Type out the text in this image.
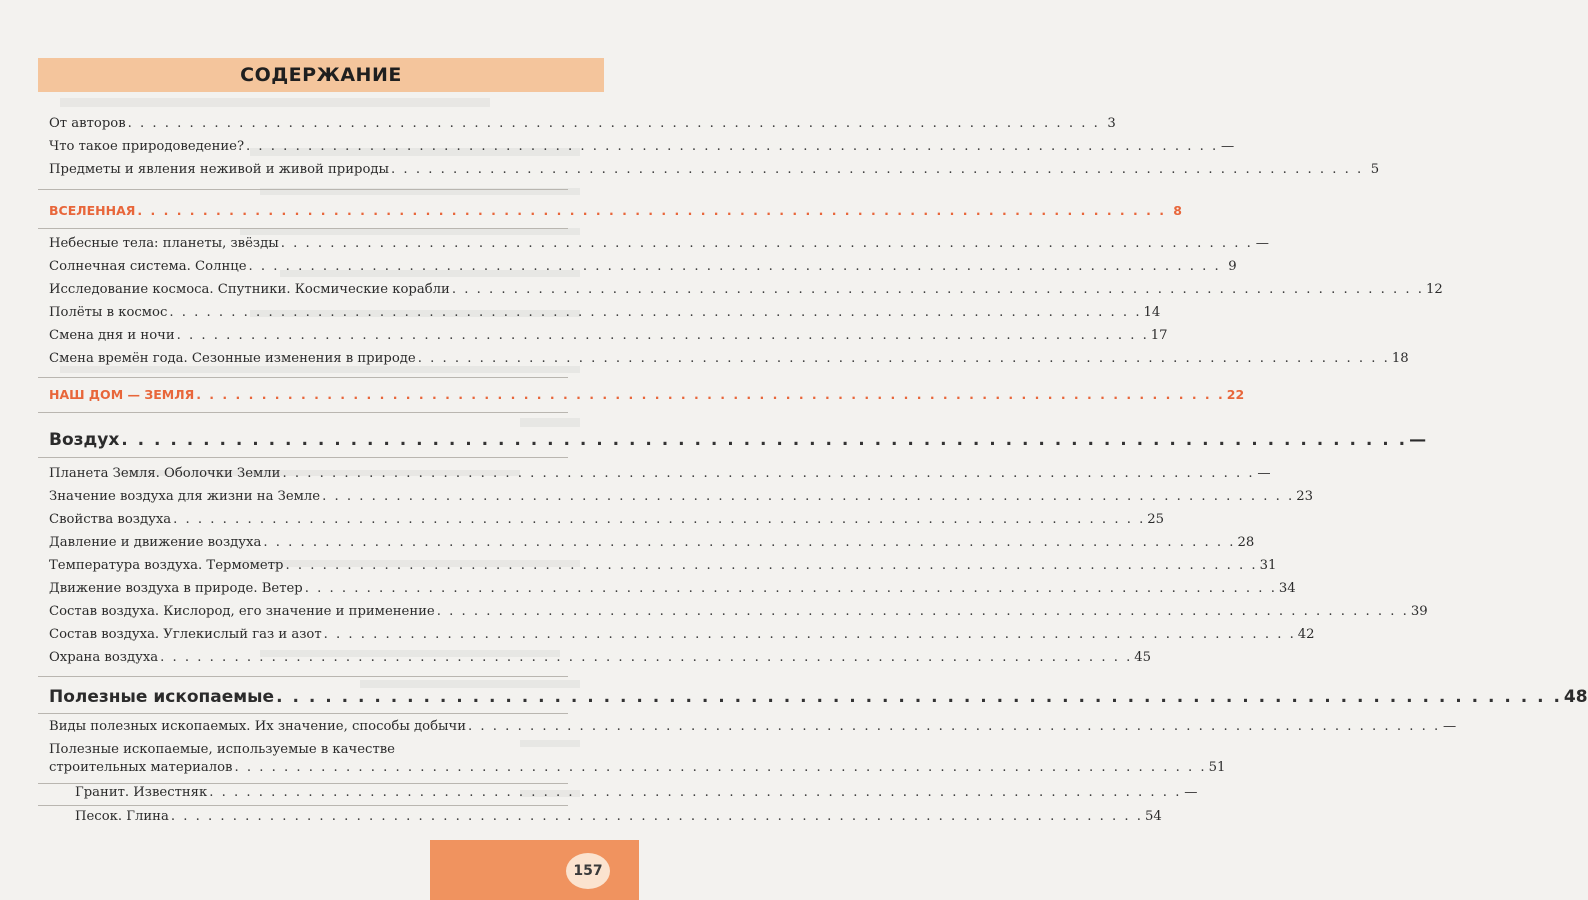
СОДЕРЖАНИЕ
От авторов . . . . . . . . . . . . . . . . . . . . . . . . . . . . . . . . . . . . . . . . . . . . . . . . . . . . . . . . . . . . . . . . . . . . . . . . . . . . . . . 3
Что такое природоведение? . . . . . . . . . . . . . . . . . . . . . . . . . . . . . . . . . . . . . . . . . . . . . . . . . . . . . . . . . . . . . . . . . . . . . . . . . . . . . . . —
Предметы и явления неживой и живой природы . . . . . . . . . . . . . . . . . . . . . . . . . . . . . . . . . . . . . . . . . . . . . . . . . . . . . . . . . . . . . . . . . . . . . . . . . . . . . . . 5
ВСЕЛЕННАЯ . . . . . . . . . . . . . . . . . . . . . . . . . . . . . . . . . . . . . . . . . . . . . . . . . . . . . . . . . . . . . . . . . . . . . . . . . . . . . . . 8
Небесные тела: планеты, звёзды . . . . . . . . . . . . . . . . . . . . . . . . . . . . . . . . . . . . . . . . . . . . . . . . . . . . . . . . . . . . . . . . . . . . . . . . . . . . . . . —
Солнечная система. Солнце . . . . . . . . . . . . . . . . . . . . . . . . . . . . . . . . . . . . . . . . . . . . . . . . . . . . . . . . . . . . . . . . . . . . . . . . . . . . . . . 9
Исследование космоса. Спутники. Космические корабли . . . . . . . . . . . . . . . . . . . . . . . . . . . . . . . . . . . . . . . . . . . . . . . . . . . . . . . . . . . . . . . . . . . . . . . . . . . . . . . 12
Полёты в космос . . . . . . . . . . . . . . . . . . . . . . . . . . . . . . . . . . . . . . . . . . . . . . . . . . . . . . . . . . . . . . . . . . . . . . . . . . . . . . . 14
Смена дня и ночи . . . . . . . . . . . . . . . . . . . . . . . . . . . . . . . . . . . . . . . . . . . . . . . . . . . . . . . . . . . . . . . . . . . . . . . . . . . . . . . 17
Смена времён года. Сезонные изменения в природе . . . . . . . . . . . . . . . . . . . . . . . . . . . . . . . . . . . . . . . . . . . . . . . . . . . . . . . . . . . . . . . . . . . . . . . . . . . . . . . 18
НАШ ДОМ — ЗЕМЛЯ . . . . . . . . . . . . . . . . . . . . . . . . . . . . . . . . . . . . . . . . . . . . . . . . . . . . . . . . . . . . . . . . . . . . . . . . . . . . . . . 22
Воздух . . . . . . . . . . . . . . . . . . . . . . . . . . . . . . . . . . . . . . . . . . . . . . . . . . . . . . . . . . . . . . . . . . . . . . . . . . . . . . . —
Планета Земля. Оболочки Земли . . . . . . . . . . . . . . . . . . . . . . . . . . . . . . . . . . . . . . . . . . . . . . . . . . . . . . . . . . . . . . . . . . . . . . . . . . . . . . . —
Значение воздуха для жизни на Земле . . . . . . . . . . . . . . . . . . . . . . . . . . . . . . . . . . . . . . . . . . . . . . . . . . . . . . . . . . . . . . . . . . . . . . . . . . . . . . . 23
Свойства воздуха . . . . . . . . . . . . . . . . . . . . . . . . . . . . . . . . . . . . . . . . . . . . . . . . . . . . . . . . . . . . . . . . . . . . . . . . . . . . . . . 25
Давление и движение воздуха . . . . . . . . . . . . . . . . . . . . . . . . . . . . . . . . . . . . . . . . . . . . . . . . . . . . . . . . . . . . . . . . . . . . . . . . . . . . . . . 28
Температура воздуха. Термометр . . . . . . . . . . . . . . . . . . . . . . . . . . . . . . . . . . . . . . . . . . . . . . . . . . . . . . . . . . . . . . . . . . . . . . . . . . . . . . . 31
Движение воздуха в природе. Ветер . . . . . . . . . . . . . . . . . . . . . . . . . . . . . . . . . . . . . . . . . . . . . . . . . . . . . . . . . . . . . . . . . . . . . . . . . . . . . . . 34
Состав воздуха. Кислород, его значение и применение . . . . . . . . . . . . . . . . . . . . . . . . . . . . . . . . . . . . . . . . . . . . . . . . . . . . . . . . . . . . . . . . . . . . . . . . . . . . . . . 39
Состав воздуха. Углекислый газ и азот . . . . . . . . . . . . . . . . . . . . . . . . . . . . . . . . . . . . . . . . . . . . . . . . . . . . . . . . . . . . . . . . . . . . . . . . . . . . . . . 42
Охрана воздуха . . . . . . . . . . . . . . . . . . . . . . . . . . . . . . . . . . . . . . . . . . . . . . . . . . . . . . . . . . . . . . . . . . . . . . . . . . . . . . . 45
Полезные ископаемые . . . . . . . . . . . . . . . . . . . . . . . . . . . . . . . . . . . . . . . . . . . . . . . . . . . . . . . . . . . . . . . . . . . . . . . . . . . . . . . 48
Виды полезных ископаемых. Их значение, способы добычи . . . . . . . . . . . . . . . . . . . . . . . . . . . . . . . . . . . . . . . . . . . . . . . . . . . . . . . . . . . . . . . . . . . . . . . . . . . . . . . —
Полезные ископаемые, используемые в качестве
строительных материалов . . . . . . . . . . . . . . . . . . . . . . . . . . . . . . . . . . . . . . . . . . . . . . . . . . . . . . . . . . . . . . . . . . . . . . . . . . . . . . . 51
Гранит. Известняк . . . . . . . . . . . . . . . . . . . . . . . . . . . . . . . . . . . . . . . . . . . . . . . . . . . . . . . . . . . . . . . . . . . . . . . . . . . . . . . —
Песок. Глина . . . . . . . . . . . . . . . . . . . . . . . . . . . . . . . . . . . . . . . . . . . . . . . . . . . . . . . . . . . . . . . . . . . . . . . . . . . . . . . 54
157
